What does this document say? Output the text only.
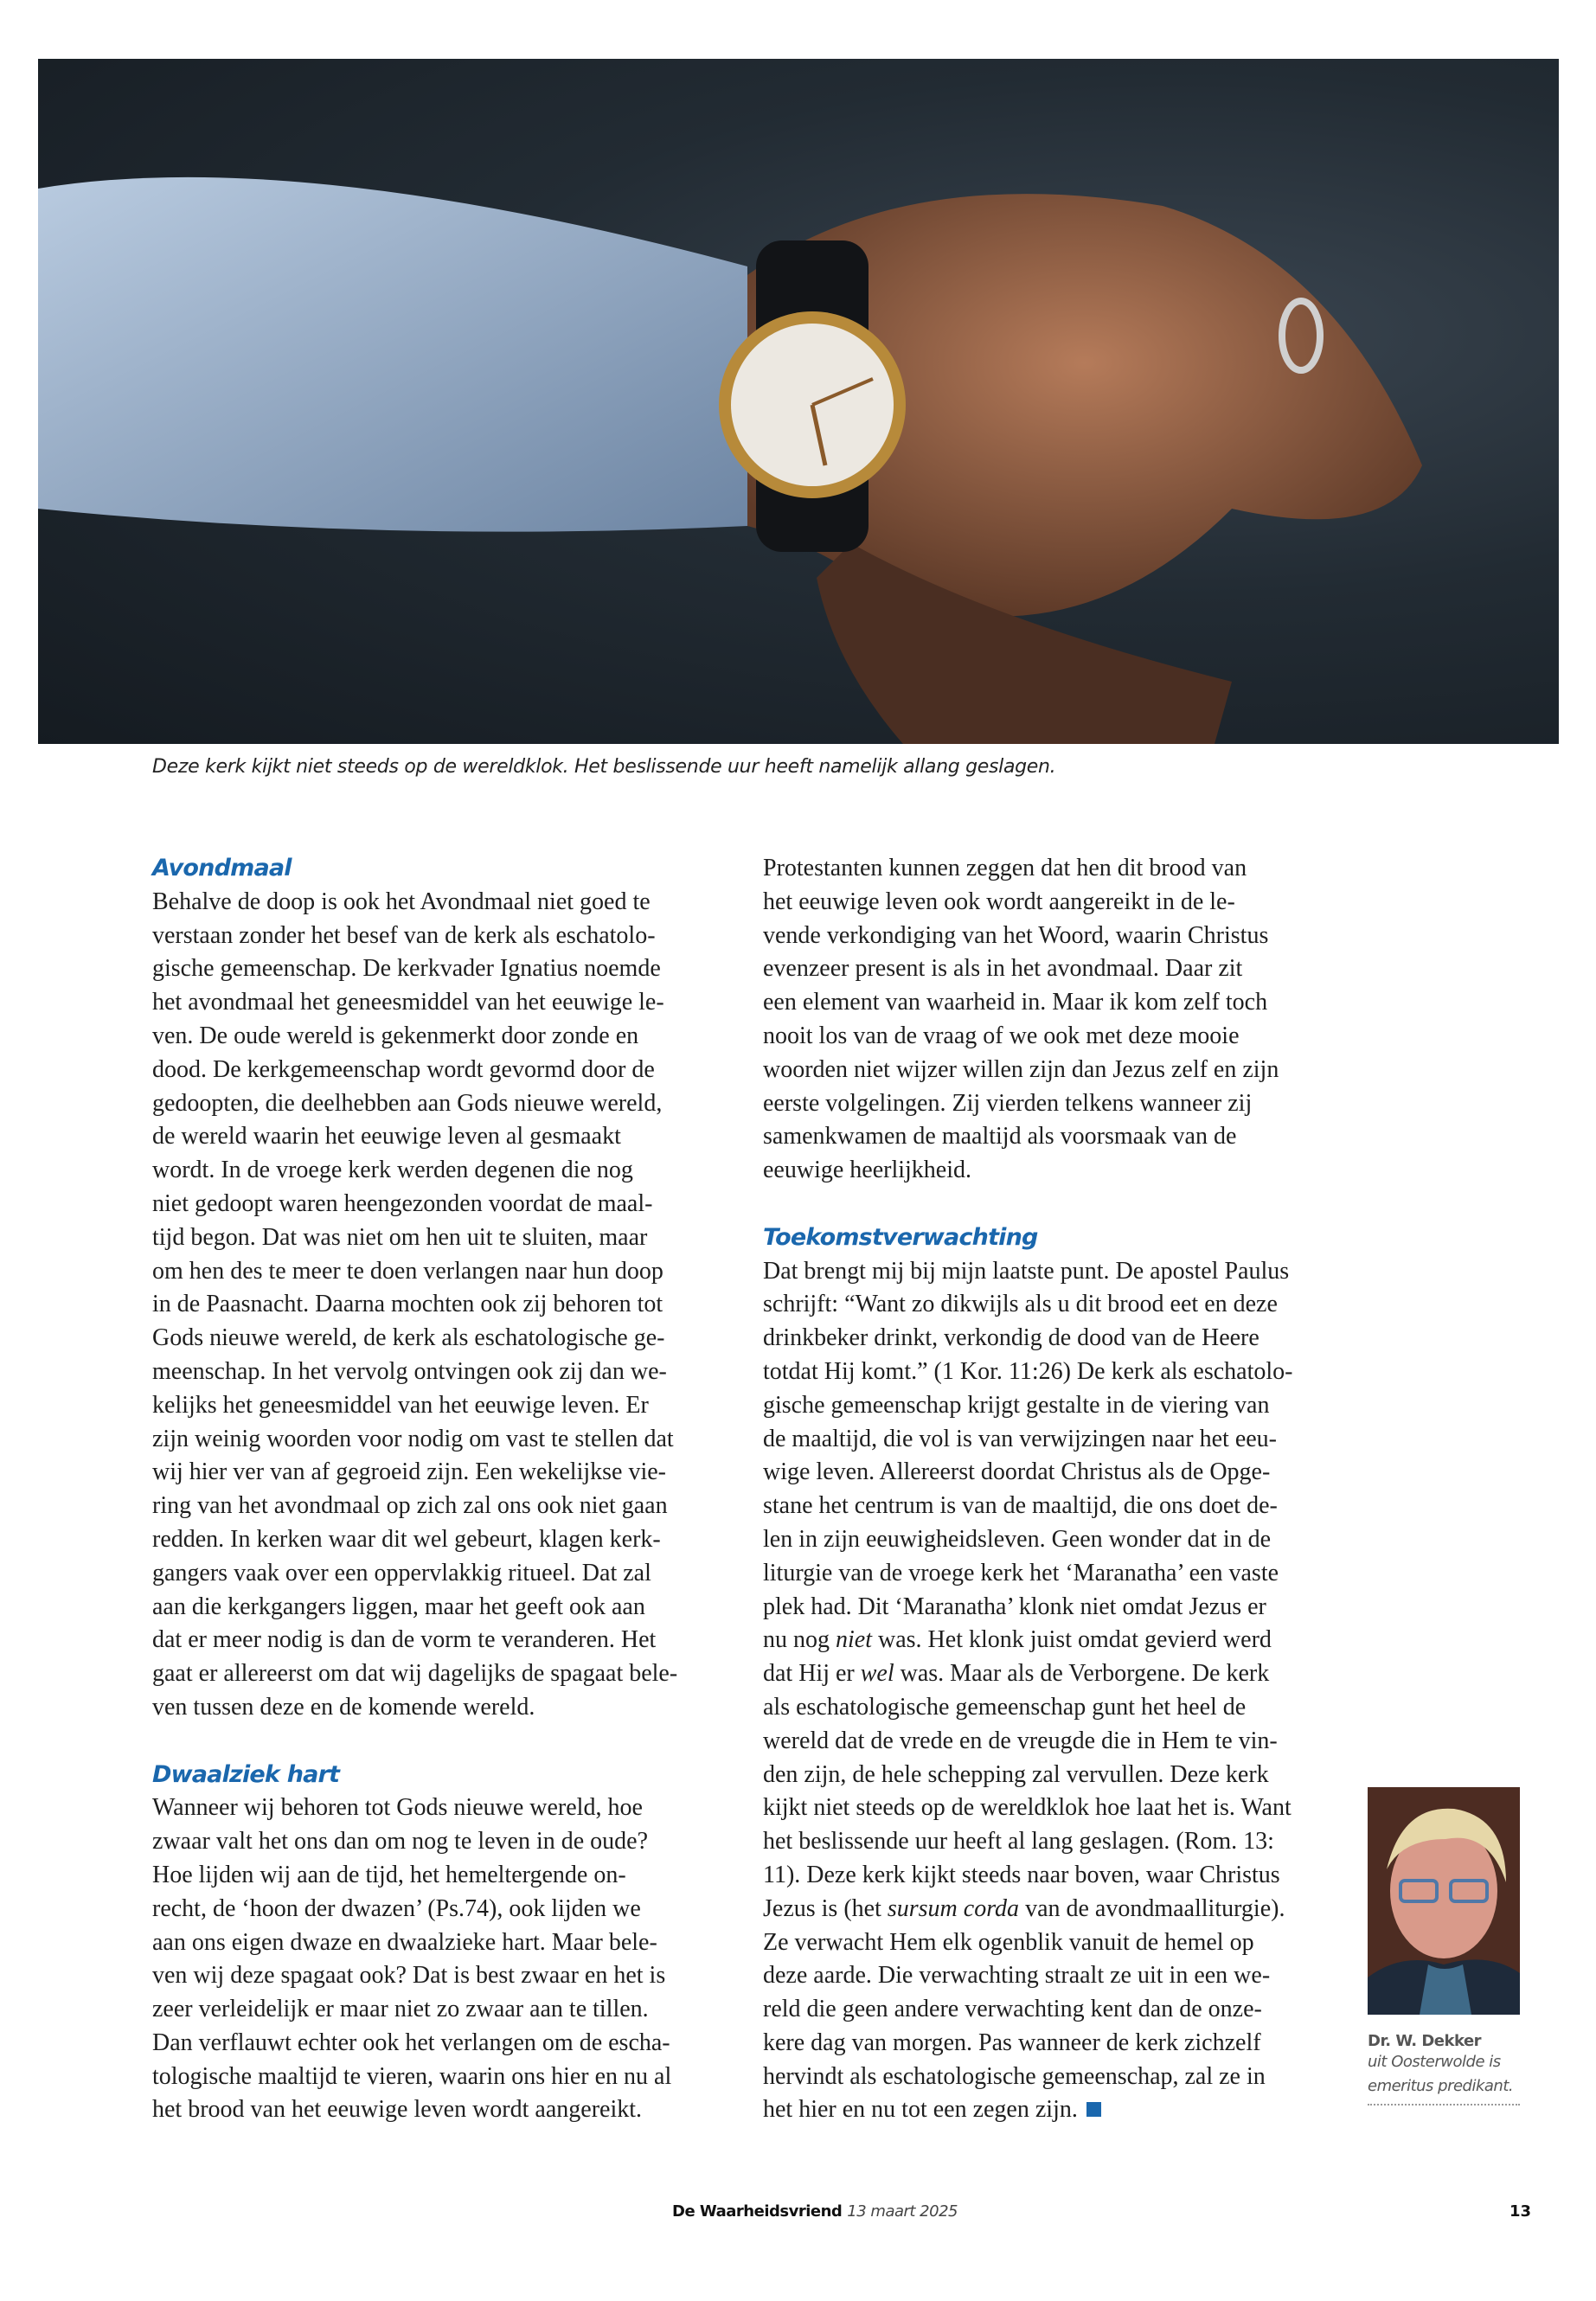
Deze kerk kijkt niet steeds op de wereldklok. Het beslissende uur heeft namelijk allang geslagen.
Avondmaal
Behalve de doop is ook het Avondmaal niet goed te
verstaan zonder het besef van de kerk als eschatolo-
gische gemeenschap. De kerkvader Ignatius noemde
het avondmaal het geneesmiddel van het eeuwige le-
ven. De oude wereld is gekenmerkt door zonde en
dood. De kerkgemeenschap wordt gevormd door de
gedoopten, die deelhebben aan Gods nieuwe wereld,
de wereld waarin het eeuwige leven al gesmaakt
wordt. In de vroege kerk werden degenen die nog
niet gedoopt waren heengezonden voordat de maal-
tijd begon. Dat was niet om hen uit te sluiten, maar
om hen des te meer te doen verlangen naar hun doop
in de Paasnacht. Daarna mochten ook zij behoren tot
Gods nieuwe wereld, de kerk als eschatologische ge-
meenschap. In het vervolg ontvingen ook zij dan we-
kelijks het geneesmiddel van het eeuwige leven. Er
zijn weinig woorden voor nodig om vast te stellen dat
wij hier ver van af gegroeid zijn. Een wekelijkse vie-
ring van het avondmaal op zich zal ons ook niet gaan
redden. In kerken waar dit wel gebeurt, klagen kerk-
gangers vaak over een oppervlakkig ritueel. Dat zal
aan die kerkgangers liggen, maar het geeft ook aan
dat er meer nodig is dan de vorm te veranderen. Het
gaat er allereerst om dat wij dagelijks de spagaat bele-
ven tussen deze en de komende wereld.
Dwaalziek hart
Wanneer wij behoren tot Gods nieuwe wereld, hoe
zwaar valt het ons dan om nog te leven in de oude?
Hoe lijden wij aan de tijd, het hemeltergende on-
recht, de ‘hoon der dwazen’ (Ps.74), ook lijden we
aan ons eigen dwaze en dwaalzieke hart. Maar bele-
ven wij deze spagaat ook? Dat is best zwaar en het is
zeer verleidelijk er maar niet zo zwaar aan te tillen.
Dan verflauwt echter ook het verlangen om de escha-
tologische maaltijd te vieren, waarin ons hier en nu al
het brood van het eeuwige leven wordt aangereikt.
Protestanten kunnen zeggen dat hen dit brood van
het eeuwige leven ook wordt aangereikt in de le-
vende verkondiging van het Woord, waarin Christus
evenzeer present is als in het avondmaal. Daar zit
een element van waarheid in. Maar ik kom zelf toch
nooit los van de vraag of we ook met deze mooie
woorden niet wijzer willen zijn dan Jezus zelf en zijn
eerste volgelingen. Zij vierden telkens wanneer zij
samenkwamen de maaltijd als voorsmaak van de
eeuwige heerlijkheid.
Toekomstverwachting
Dat brengt mij bij mijn laatste punt. De apostel Paulus
schrijft: “Want zo dikwijls als u dit brood eet en deze
drinkbeker drinkt, verkondig de dood van de Heere
totdat Hij komt.” (1 Kor. 11:26) De kerk als eschatolo-
gische gemeenschap krijgt gestalte in de viering van
de maaltijd, die vol is van verwijzingen naar het eeu-
wige leven. Allereerst doordat Christus als de Opge-
stane het centrum is van de maaltijd, die ons doet de-
len in zijn eeuwigheidsleven. Geen wonder dat in de
liturgie van de vroege kerk het ‘Maranatha’ een vaste
plek had. Dit ‘Maranatha’ klonk niet omdat Jezus er
nu nog niet was. Het klonk juist omdat gevierd werd
dat Hij er wel was. Maar als de Verborgene. De kerk
als eschatologische gemeenschap gunt het heel de
wereld dat de vrede en de vreugde die in Hem te vin-
den zijn, de hele schepping zal vervullen. Deze kerk
kijkt niet steeds op de wereldklok hoe laat het is. Want
het beslissende uur heeft al lang geslagen. (Rom. 13:
11). Deze kerk kijkt steeds naar boven, waar Christus
Jezus is (het sursum corda van de avondmaalliturgie).
Ze verwacht Hem elk ogenblik vanuit de hemel op
deze aarde. Die verwachting straalt ze uit in een we-
reld die geen andere verwachting kent dan de onze-
kere dag van morgen. Pas wanneer de kerk zichzelf
hervindt als eschatologische gemeenschap, zal ze in
het hier en nu tot een zegen zijn.
Dr. W. Dekker
uit Oosterwolde is
emeritus predikant.
De Waarheidsvriend 13 maart 2025	13
